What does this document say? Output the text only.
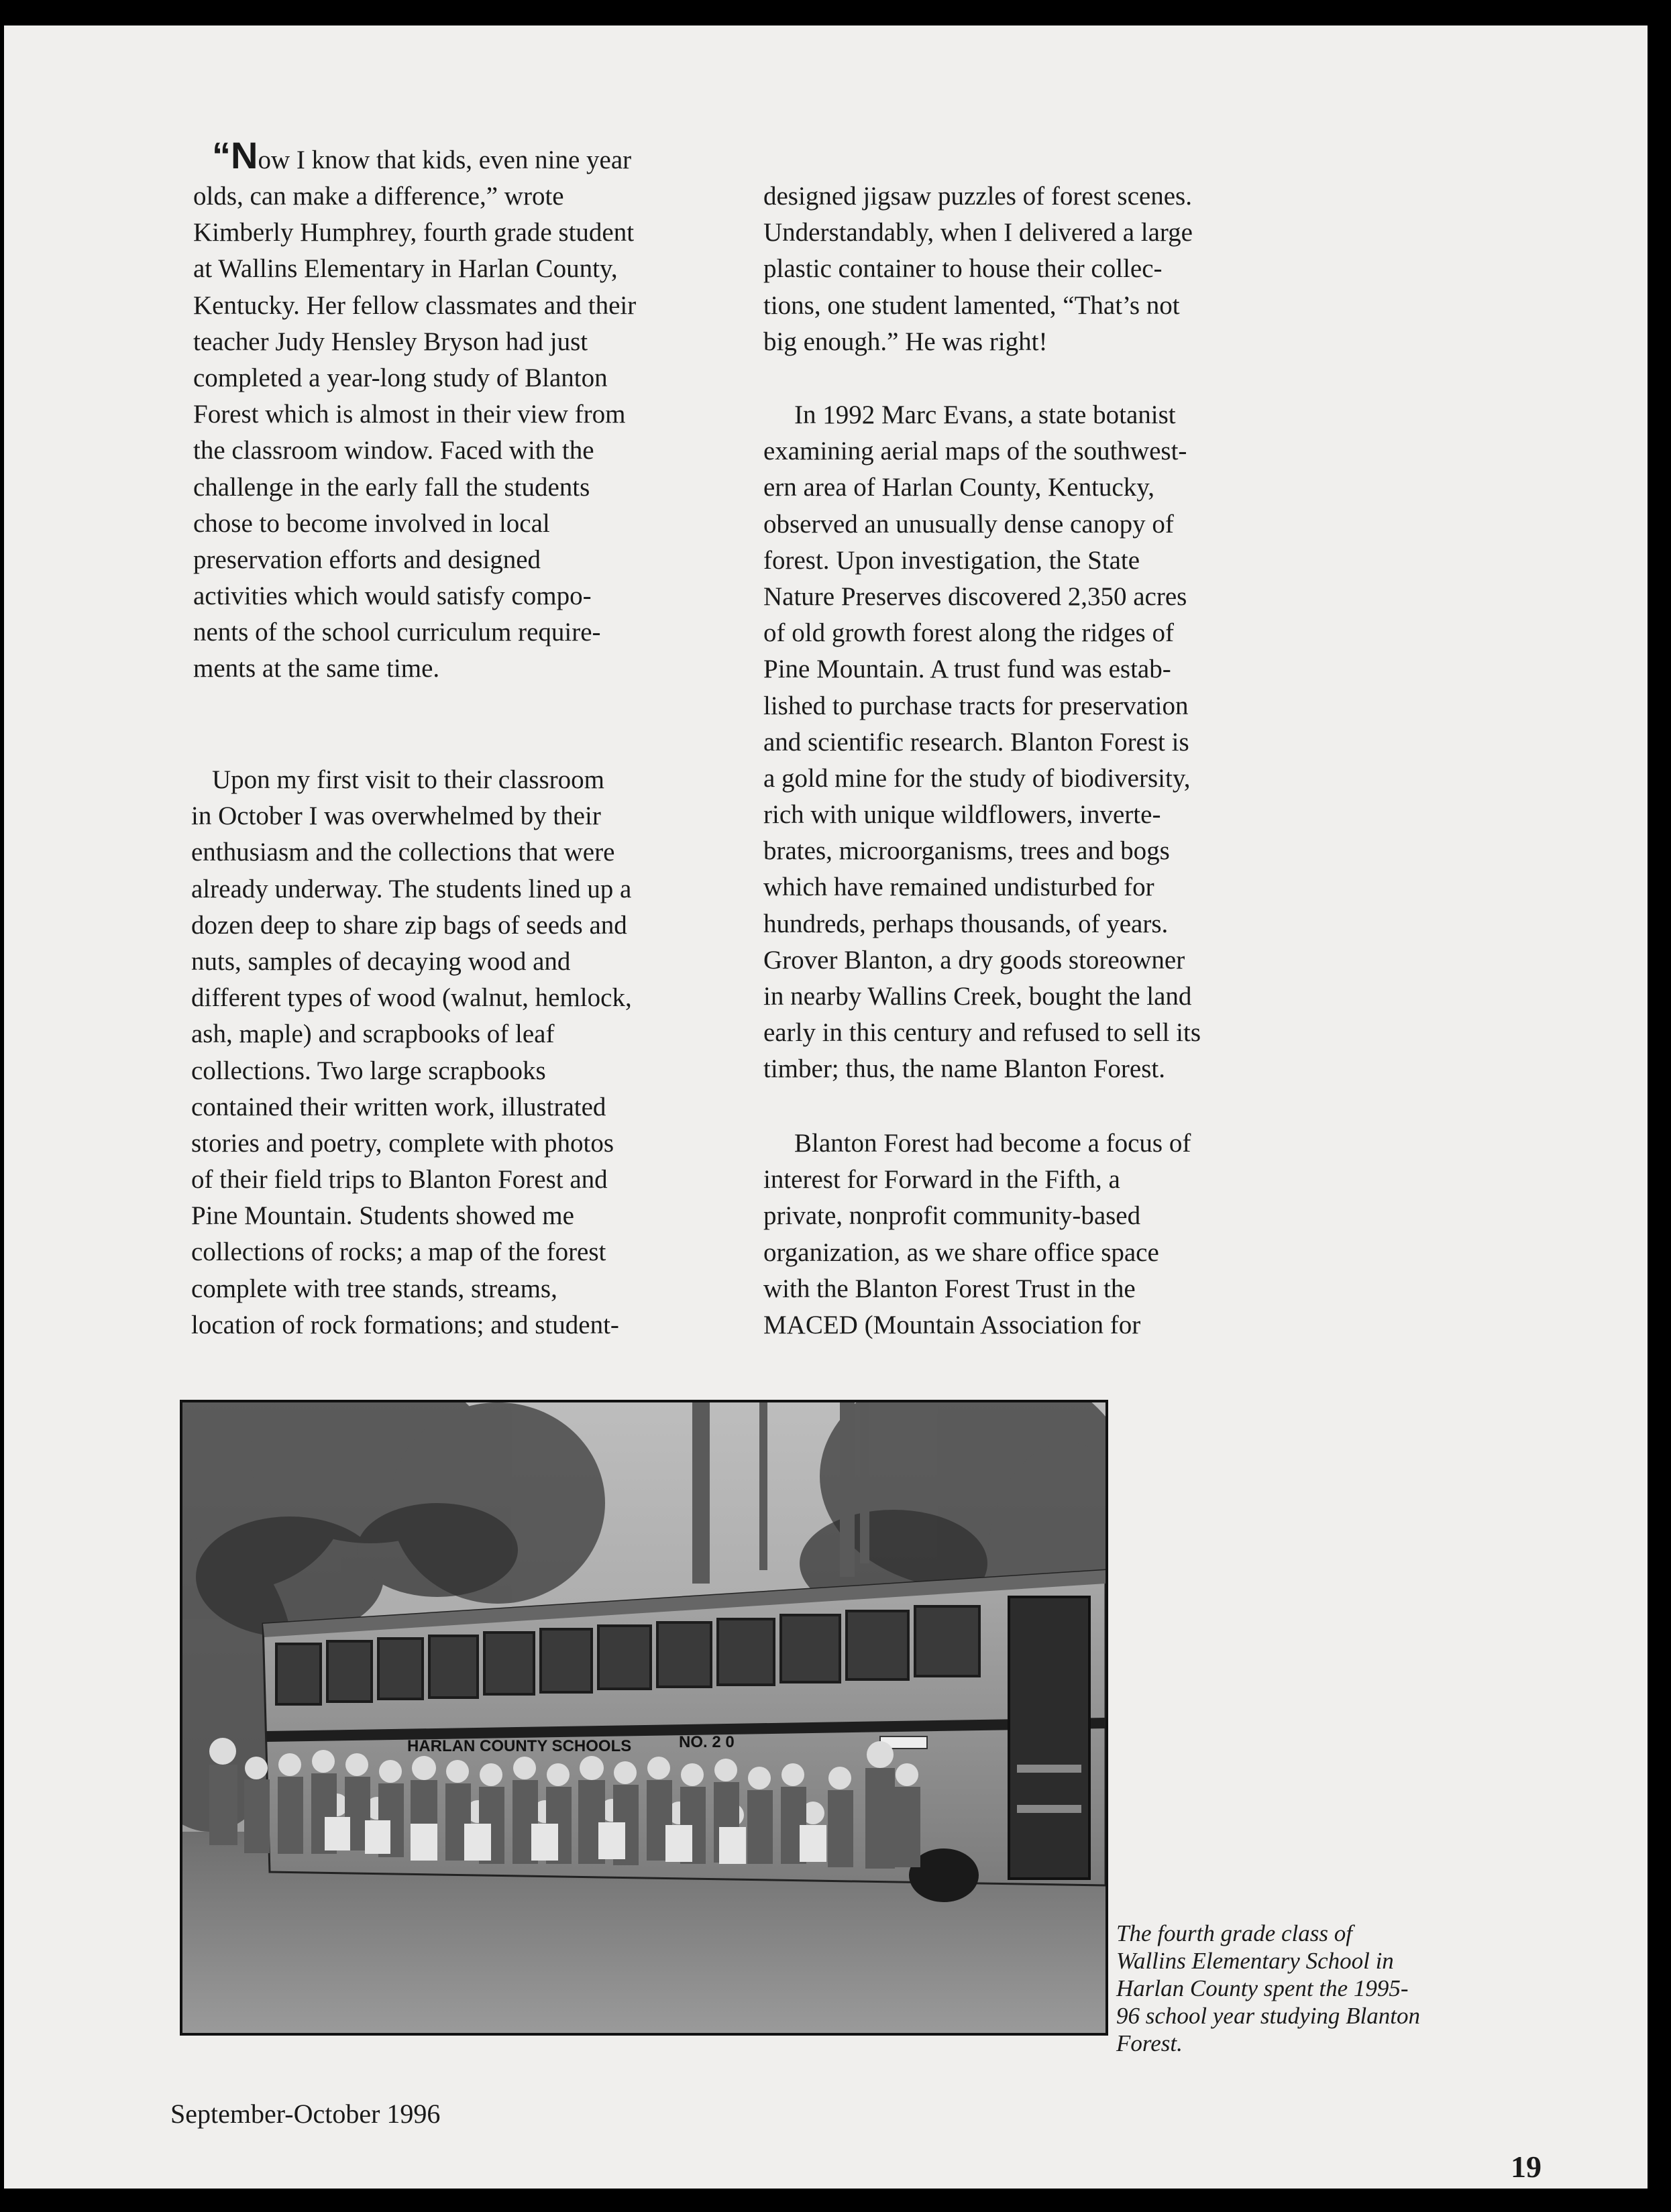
“Now I know that kids, even nine year
olds, can make a difference,” wrote
Kimberly Humphrey, fourth grade student
at Wallins Elementary in Harlan County,
Kentucky. Her fellow classmates and their
teacher Judy Hensley Bryson had just
completed a year-long study of Blanton
Forest which is almost in their view from
the classroom window. Faced with the
challenge in the early fall the students
chose to become involved in local
preservation efforts and designed
activities which would satisfy compo-
nents of the school curriculum require-
ments at the same time.
Upon my first visit to their classroom
in October I was overwhelmed by their
enthusiasm and the collections that were
already underway. The students lined up a
dozen deep to share zip bags of seeds and
nuts, samples of decaying wood and
different types of wood (walnut, hemlock,
ash, maple) and scrapbooks of leaf
collections. Two large scrapbooks
contained their written work, illustrated
stories and poetry, complete with photos
of their field trips to Blanton Forest and
Pine Mountain. Students showed me
collections of rocks; a map of the forest
complete with tree stands, streams,
location of rock formations; and student-
designed jigsaw puzzles of forest scenes.
Understandably, when I delivered a large
plastic container to house their collec-
tions, one student lamented, “That’s not
big enough.” He was right!
In 1992 Marc Evans, a state botanist
examining aerial maps of the southwest-
ern area of Harlan County, Kentucky,
observed an unusually dense canopy of
forest. Upon investigation, the State
Nature Preserves discovered 2,350 acres
of old growth forest along the ridges of
Pine Mountain. A trust fund was estab-
lished to purchase tracts for preservation
and scientific research. Blanton Forest is
a gold mine for the study of biodiversity,
rich with unique wildflowers, inverte-
brates, microorganisms, trees and bogs
which have remained undisturbed for
hundreds, perhaps thousands, of years.
Grover Blanton, a dry goods storeowner
in nearby Wallins Creek, bought the land
early in this century and refused to sell its
timber; thus, the name Blanton Forest.
Blanton Forest had become a focus of
interest for Forward in the Fifth, a
private, nonprofit community-based
organization, as we share office space
with the Blanton Forest Trust in the
MACED (Mountain Association for
HARLAN COUNTY SCHOOLS	NO. 2 0
The fourth grade class of
Wallins Elementary School in
Harlan County spent the 1995-
96 school year studying Blanton
Forest.
September-October 1996
19
